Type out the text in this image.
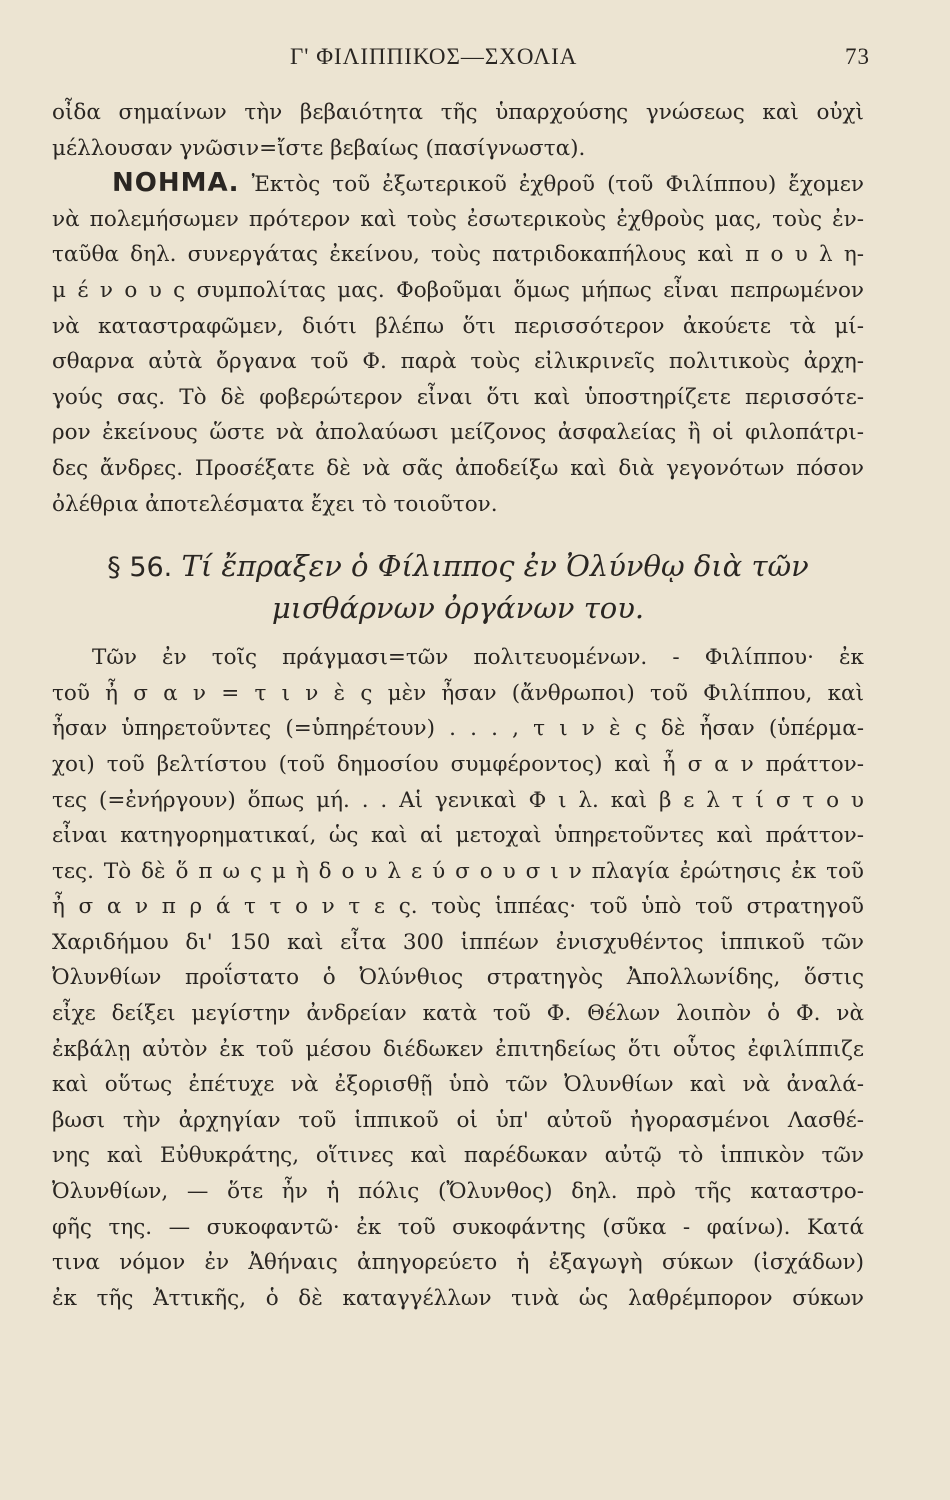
Γ' ΦΙΛΙΠΠΙΚΟΣ—ΣΧΟΛΙΑ	73
οἶδα σημαίνων τὴν βεβαιότητα τῆς ὑπαρχούσης γνώσεως καὶ οὐχὶ
μέλλουσαν γνῶσιν=ἴστε βεβαίως (πασίγνωστα).
ΝΟΗΜΑ. Ἐκτὸς τοῦ ἐξωτερικοῦ ἐχθροῦ (τοῦ Φιλίππου) ἔχομεν
νὰ πολεμήσωμεν πρότερον καὶ τοὺς ἐσωτερικοὺς ἐχθροὺς μας, τοὺς ἐν-
ταῦθα δηλ. συνεργάτας ἐκείνου, τοὺς πατριδοκαπήλους καὶ π ο υ λ η-
μ έ ν ο υ ς συμπολίτας μας. Φοβοῦμαι ὅμως μήπως εἶναι πεπρωμένον
νὰ καταστραφῶμεν, διότι βλέπω ὅτι περισσότερον ἀκούετε τὰ μί-
σθαρνα αὐτὰ ὄργανα τοῦ Φ. παρὰ τοὺς εἰλικρινεῖς πολιτικοὺς ἀρχη-
γούς σας. Τὸ δὲ φοβερώτερον εἶναι ὅτι καὶ ὑποστηρίζετε περισσότε-
ρον ἐκείνους ὥστε νὰ ἀπολαύωσι μείζονος ἀσφαλείας ἢ οἱ φιλοπάτρι-
δες ἄνδρες. Προσέξατε δὲ νὰ σᾶς ἀποδείξω καὶ διὰ γεγονότων πόσον
ὀλέθρια ἀποτελέσματα ἔχει τὸ τοιοῦτον.
§ 56. Τί ἔπραξεν ὁ Φίλιππος ἐν Ὀλύνθῳ διὰ τῶν
μισθάρνων ὀργάνων του.
Τῶν ἐν τοῖς πράγμασι=τῶν πολιτευομένων. - Φιλίππου· ἐκ
τοῦ ἦ σ α ν = τ ι ν ὲ ς μὲν ἦσαν (ἄνθρωποι) τοῦ Φιλίππου, καὶ
ἦσαν ὑπηρετοῦντες (=ὑπηρέτουν) . . . , τ ι ν ὲ ς δὲ ἦσαν (ὑπέρμα-
χοι) τοῦ βελτίστου (τοῦ δημοσίου συμφέροντος) καὶ ἦ σ α ν πράττον-
τες (=ἐνήργουν) ὅπως μή. . . Αἱ γενικαὶ Φ ι λ. καὶ β ε λ τ ί σ τ ο υ
εἶναι κατηγορηματικαί, ὡς καὶ αἱ μετοχαὶ ὑπηρετοῦντες καὶ πράττον-
τες. Τὸ δὲ ὅ π ω ς μ ὴ δ ο υ λ ε ύ σ ο υ σ ι ν πλαγία ἐρώτησις ἐκ τοῦ
ἦ σ α ν π ρ ά τ τ ο ν τ ε ς. τοὺς ἱππέας· τοῦ ὑπὸ τοῦ στρατηγοῦ
Χαριδήμου δι' 150 καὶ εἶτα 300 ἱππέων ἐνισχυθέντος ἱππικοῦ τῶν
Ὀλυνθίων προΐστατο ὁ Ὀλύνθιος στρατηγὸς Ἀπολλωνίδης, ὅστις
εἶχε δείξει μεγίστην ἀνδρείαν κατὰ τοῦ Φ. Θέλων λοιπὸν ὁ Φ. νὰ
ἐκβάλῃ αὐτὸν ἐκ τοῦ μέσου διέδωκεν ἐπιτηδείως ὅτι οὗτος ἐφιλίππιζε
καὶ οὕτως ἐπέτυχε νὰ ἐξορισθῇ ὑπὸ τῶν Ὀλυνθίων καὶ νὰ ἀναλά-
βωσι τὴν ἀρχηγίαν τοῦ ἱππικοῦ οἱ ὑπ' αὐτοῦ ἠγορασμένοι Λασθέ-
νης καὶ Εὐθυκράτης, οἵτινες καὶ παρέδωκαν αὐτῷ τὸ ἱππικὸν τῶν
Ὀλυνθίων, — ὅτε ἦν ἡ πόλις (Ὄλυνθος) δηλ. πρὸ τῆς καταστρο-
φῆς της. — συκοφαντῶ· ἐκ τοῦ συκοφάντης (σῦκα - φαίνω). Κατά
τινα νόμον ἐν Ἀθήναις ἀπηγορεύετο ἡ ἐξαγωγὴ σύκων (ἰσχάδων)
ἐκ τῆς Ἀττικῆς, ὁ δὲ καταγγέλλων τινὰ ὡς λαθρέμπορον σύκων
